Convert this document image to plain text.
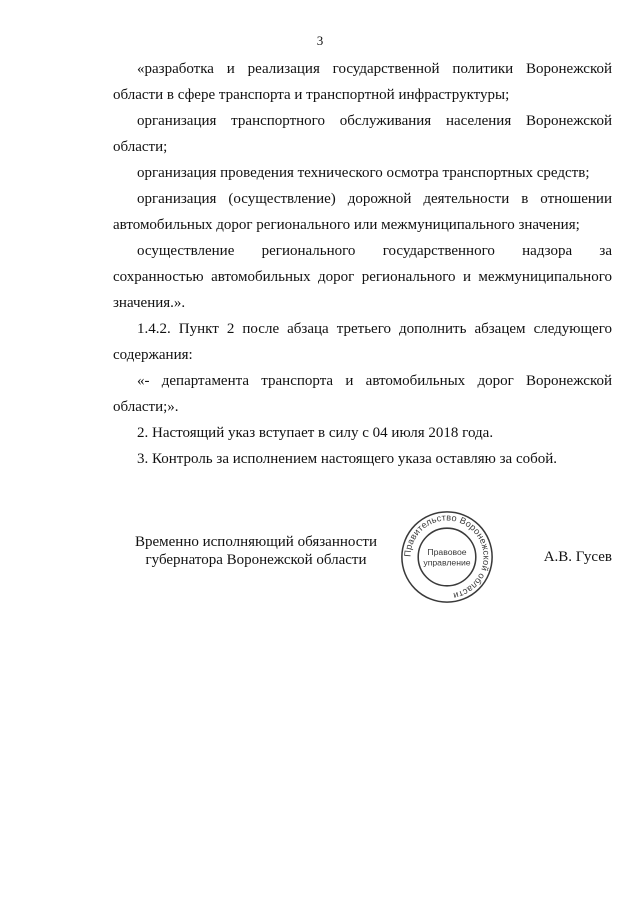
3

«разработка и реализация государственной политики Воронежской области в сфере транспорта и транспортной инфраструктуры;

организация транспортного обслуживания населения Воронежской области;

организация проведения технического осмотра транспортных средств;

организация (осуществление) дорожной деятельности в отношении автомобильных дорог регионального или межмуниципального значения;

осуществление регионального государственного надзора за сохранностью автомобильных дорог регионального и межмуниципального значения.».

1.4.2. Пункт 2 после абзаца третьего дополнить абзацем следующего содержания:

«- департамента транспорта и автомобильных дорог Воронежской области;».

2. Настоящий указ вступает в силу с 04 июля 2018 года.

3. Контроль за исполнением настоящего указа оставляю за собой.

Временно исполняющий обязанности
губернатора Воронежской области	Правительство Воронежской области
Правовое
управление	А.В. Гусев
